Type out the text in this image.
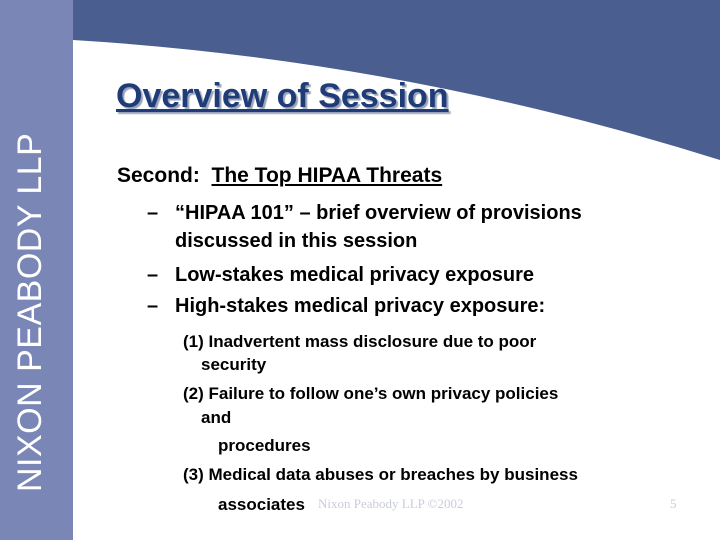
NIXON PEABODY LLP
Overview of Session
Second: The Top HIPAA Threats
– “HIPAA 101” – brief overview of provisions
discussed in this session
– Low-stakes medical privacy exposure
– High-stakes medical privacy exposure:
(1) Inadvertent mass disclosure due to poor
security
(2) Failure to follow one’s own privacy policies
and
procedures
(3) Medical data abuses or breaches by business
associates Nixon Peabody LLP ©2002	5
